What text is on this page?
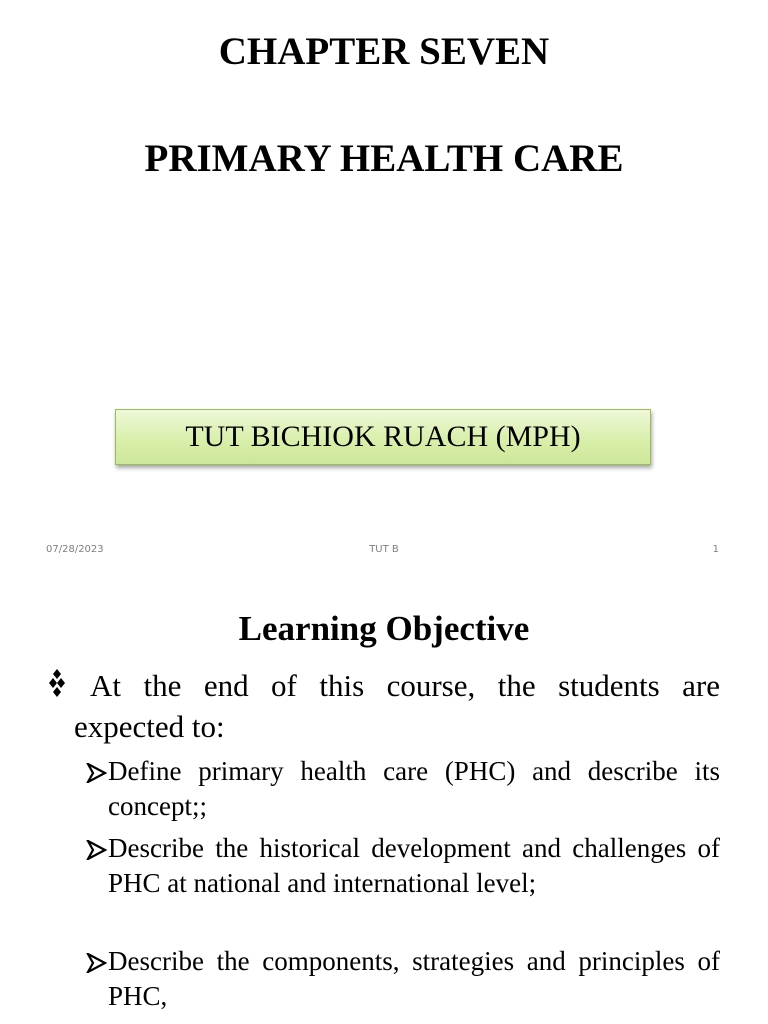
CHAPTER SEVEN
PRIMARY HEALTH CARE
TUT BICHIOK RUACH (MPH)
07/28/2023	TUT B	1
Learning Objective

At the end of this course, the students are expected to:

Define primary health care (PHC) and describe its concept;;
Describe the historical development and challenges of PHC at national and international level;
Describe the components, strategies and principles of PHC,
